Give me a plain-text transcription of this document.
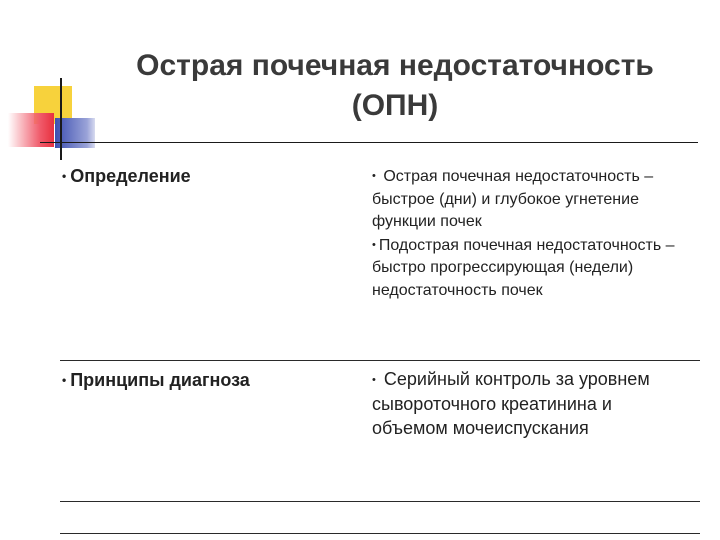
Острая почечная недостаточность
(ОПН)
• Определение	• Острая почечная недостаточность – быстрое (дни) и глубокое угнетение функции почек
• Подострая почечная недостаточность – быстро прогрессирующая (недели) недостаточность почек
• Принципы диагноза	• Серийный контроль за уровнем сывороточного креатинина и объемом мочеиспускания
